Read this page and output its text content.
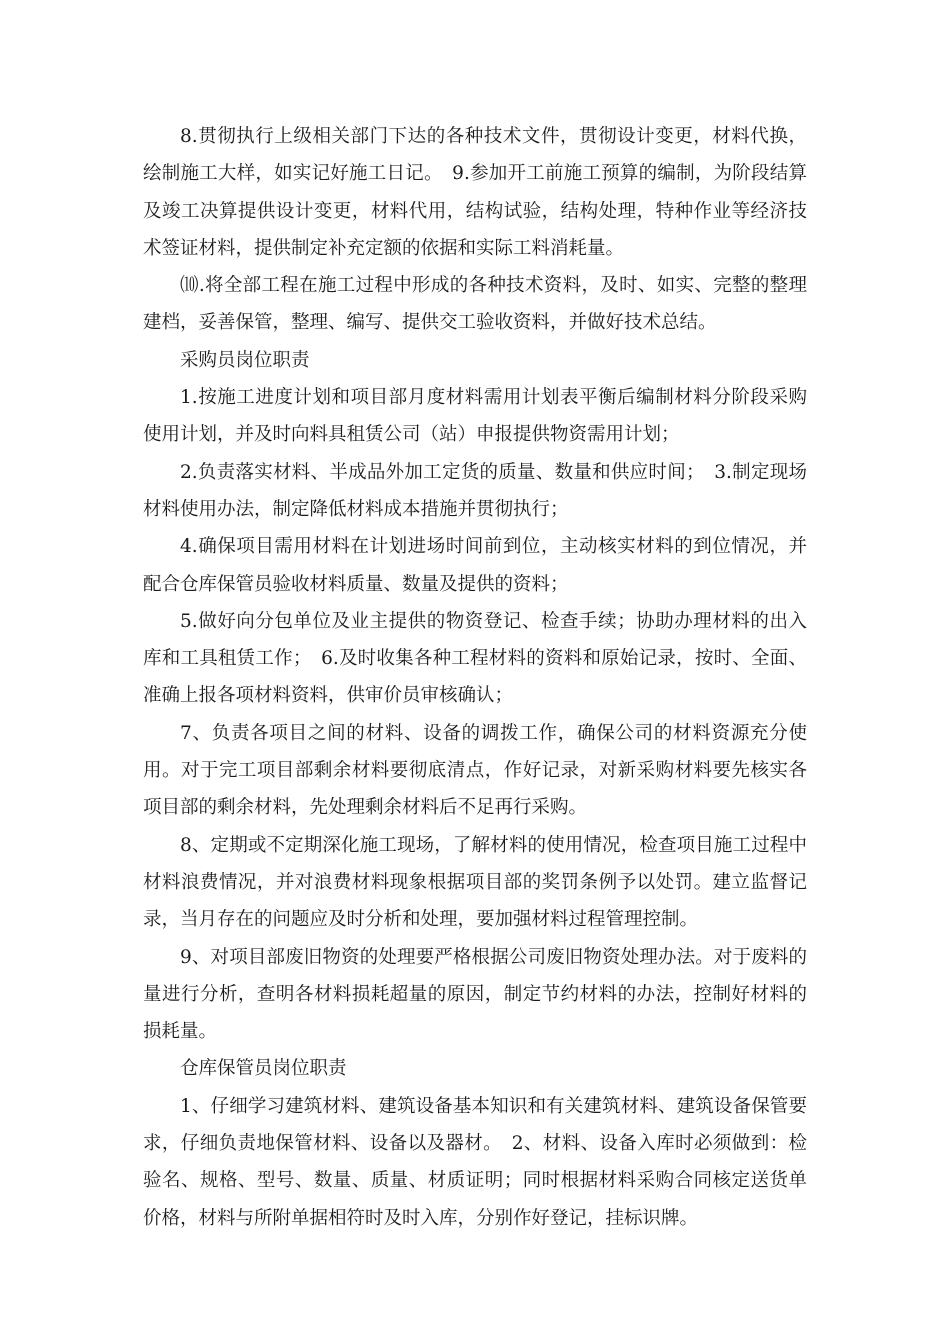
8.贯彻执行上级相关部门下达的各种技术文件，贯彻设计变更，材料代换，绘制施工大样，如实记好施工日记。　9.参加开工前施工预算的编制，为阶段结算及竣工决算提供设计变更，材料代用，结构试验，结构处理，特种作业等经济技术签证材料，提供制定补充定额的依据和实际工料消耗量。

⑽.将全部工程在施工过程中形成的各种技术资料，及时、如实、完整的整理建档，妥善保管，整理、编写、提供交工验收资料，并做好技术总结。

采购员岗位职责

1.按施工进度计划和项目部月度材料需用计划表平衡后编制材料分阶段采购使用计划，并及时向料具租赁公司（站）申报提供物资需用计划；

2.负责落实材料、半成品外加工定货的质量、数量和供应时间；　3.制定现场材料使用办法，制定降低材料成本措施并贯彻执行；

4.确保项目需用材料在计划进场时间前到位，主动核实材料的到位情况，并配合仓库保管员验收材料质量、数量及提供的资料；

5.做好向分包单位及业主提供的物资登记、检查手续；协助办理材料的出入库和工具租赁工作；　6.及时收集各种工程材料的资料和原始记录，按时、全面、准确上报各项材料资料，供审价员审核确认；

7、负责各项目之间的材料、设备的调拨工作，确保公司的材料资源充分使用。对于完工项目部剩余材料要彻底清点，作好记录，对新采购材料要先核实各项目部的剩余材料，先处理剩余材料后不足再行采购。

8、定期或不定期深化施工现场，了解材料的使用情况，检查项目施工过程中材料浪费情况，并对浪费材料现象根据项目部的奖罚条例予以处罚。建立监督记录，当月存在的问题应及时分析和处理，要加强材料过程管理控制。

9、对项目部废旧物资的处理要严格根据公司废旧物资处理办法。对于废料的量进行分析，查明各材料损耗超量的原因，制定节约材料的办法，控制好材料的损耗量。

仓库保管员岗位职责

1、仔细学习建筑材料、建筑设备基本知识和有关建筑材料、建筑设备保管要求，仔细负责地保管材料、设备以及器材。　2、材料、设备入库时必须做到：检验名、规格、型号、数量、质量、材质证明；同时根据材料采购合同核定送货单价格，材料与所附单据相符时及时入库，分别作好登记，挂标识牌。
